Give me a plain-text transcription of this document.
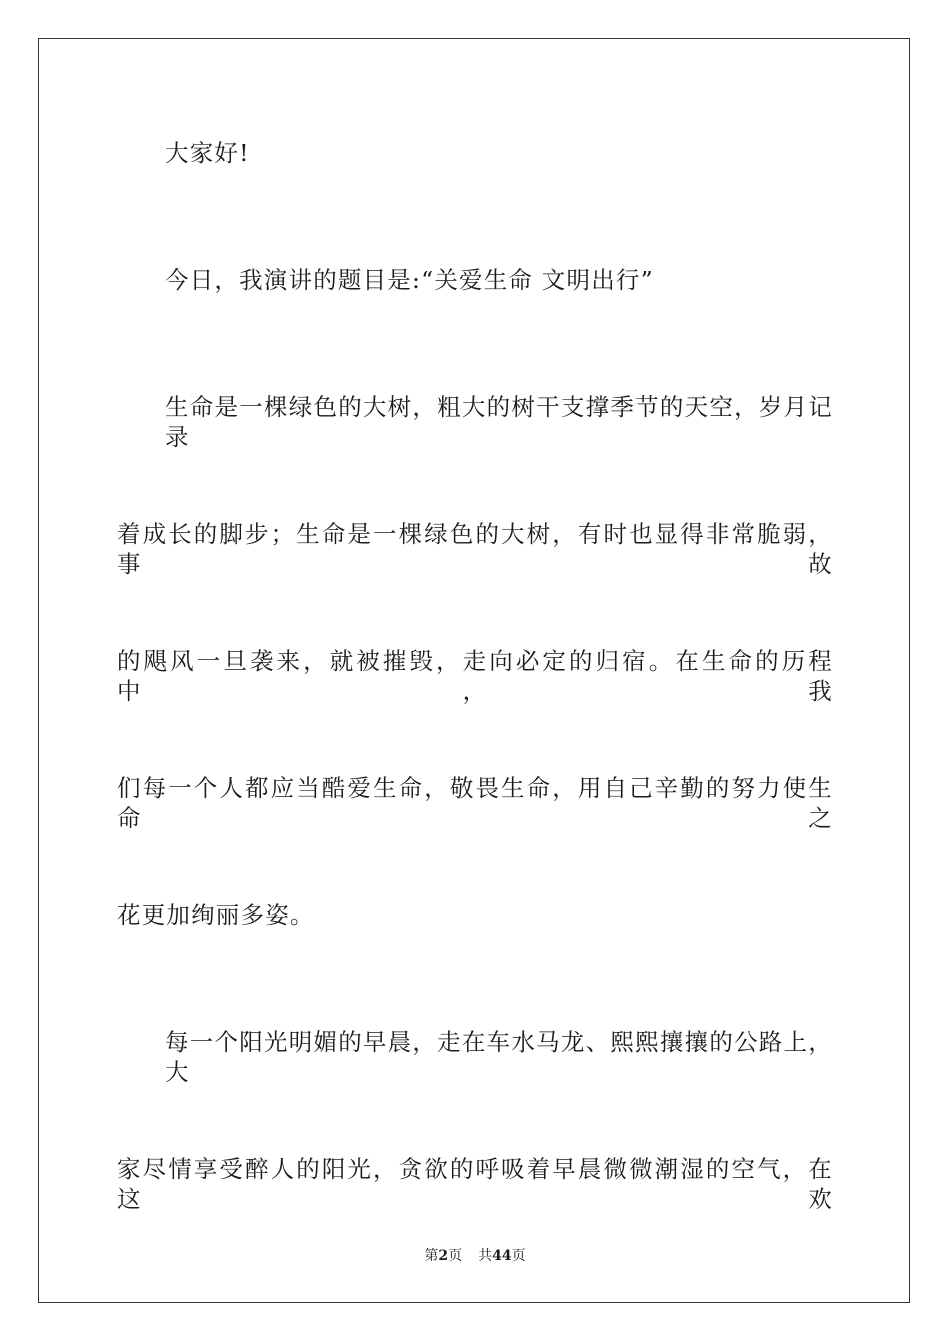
大家好!
今日，我演讲的题目是:“关爱生命 文明出行”
生命是一棵绿色的大树，粗大的树干支撑季节的天空，岁月记录
着成长的脚步；生命是一棵绿色的大树，有时也显得非常脆弱，事故
的飓风一旦袭来，就被摧毁，走向必定的归宿。在生命的历程中，我
们每一个人都应当酷爱生命，敬畏生命，用自己辛勤的努力使生命之
花更加绚丽多姿。
每一个阳光明媚的早晨，走在车水马龙、熙熙攘攘的公路上，大
家尽情享受醉人的阳光，贪欲的呼吸着早晨微微潮湿的空气，在这欢
第2页 共44页
